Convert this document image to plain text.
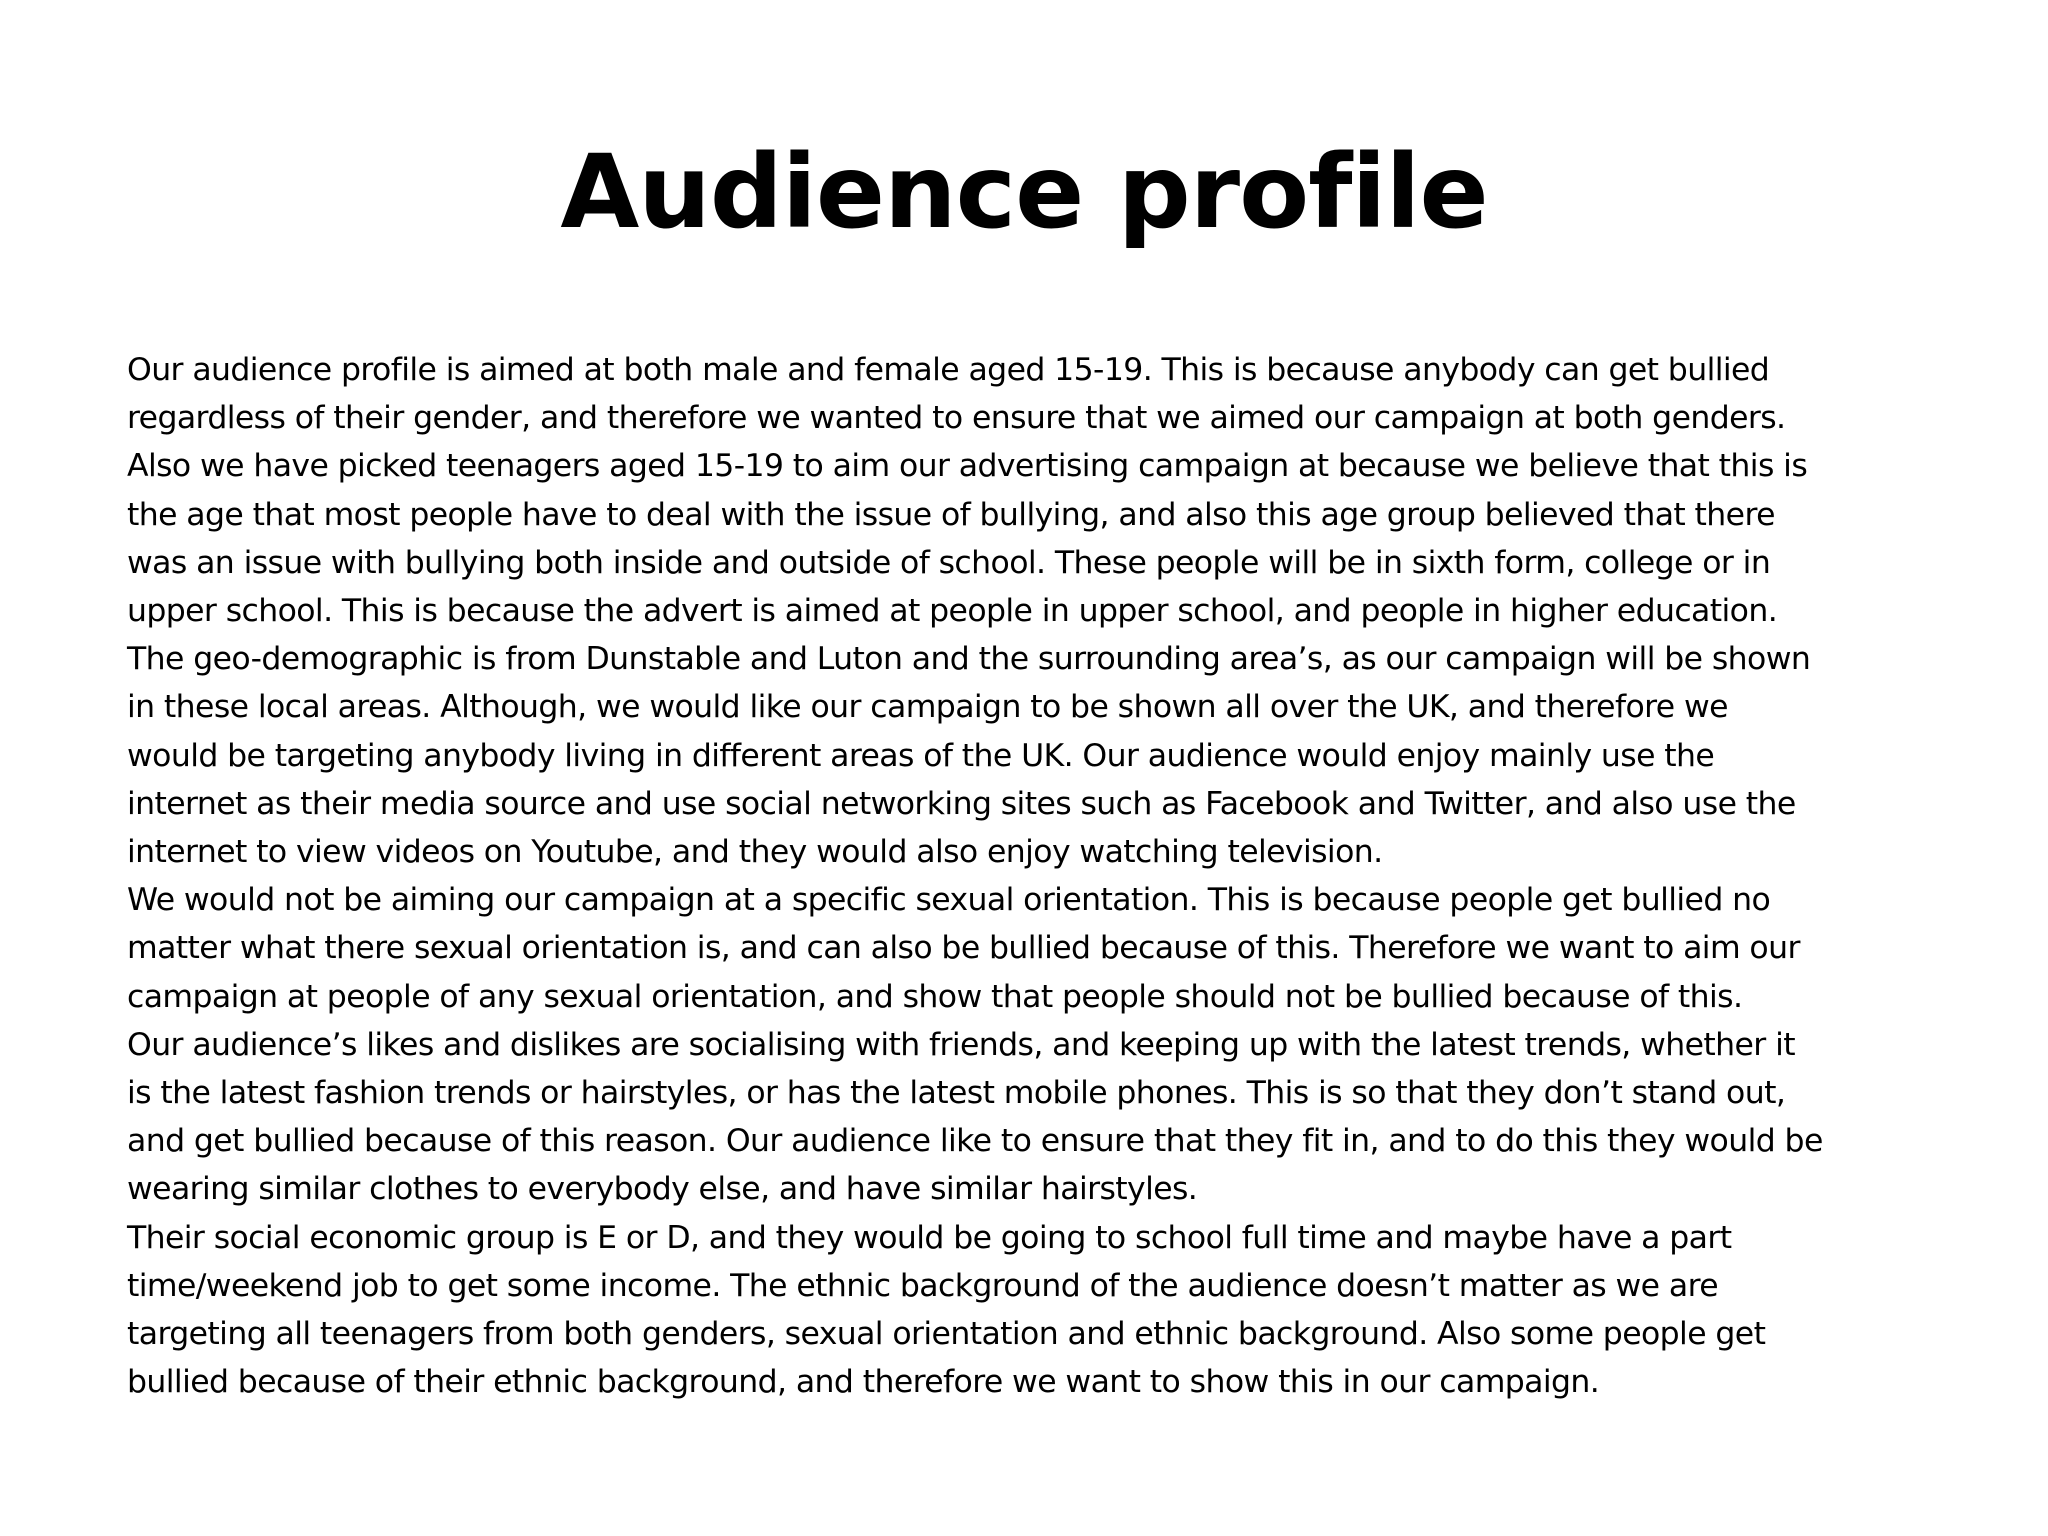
Audience profile
Our audience profile is aimed at both male and female aged 15-19. This is because anybody can get bullied
regardless of their gender, and therefore we wanted to ensure that we aimed our campaign at both genders.
Also we have picked teenagers aged 15-19 to aim our advertising campaign at because we believe that this is
the age that most people have to deal with the issue of bullying, and also this age group believed that there
was an issue with bullying both inside and outside of school. These people will be in sixth form, college or in
upper school. This is because the advert is aimed at people in upper school, and people in higher education.
The geo-demographic is from Dunstable and Luton and the surrounding area’s, as our campaign will be shown
in these local areas. Although, we would like our campaign to be shown all over the UK, and therefore we
would be targeting anybody living in different areas of the UK. Our audience would enjoy mainly use the
internet as their media source and use social networking sites such as Facebook and Twitter, and also use the
internet to view videos on Youtube, and they would also enjoy watching television.
We would not be aiming our campaign at a specific sexual orientation. This is because people get bullied no
matter what there sexual orientation is, and can also be bullied because of this. Therefore we want to aim our
campaign at people of any sexual orientation, and show that people should not be bullied because of this.
Our audience’s likes and dislikes are socialising with friends, and keeping up with the latest trends, whether it
is the latest fashion trends or hairstyles, or has the latest mobile phones. This is so that they don’t stand out,
and get bullied because of this reason. Our audience like to ensure that they fit in, and to do this they would be
wearing similar clothes to everybody else, and have similar hairstyles.
Their social economic group is E or D, and they would be going to school full time and maybe have a part
time/weekend job to get some income. The ethnic background of the audience doesn’t matter as we are
targeting all teenagers from both genders, sexual orientation and ethnic background. Also some people get
bullied because of their ethnic background, and therefore we want to show this in our campaign.
